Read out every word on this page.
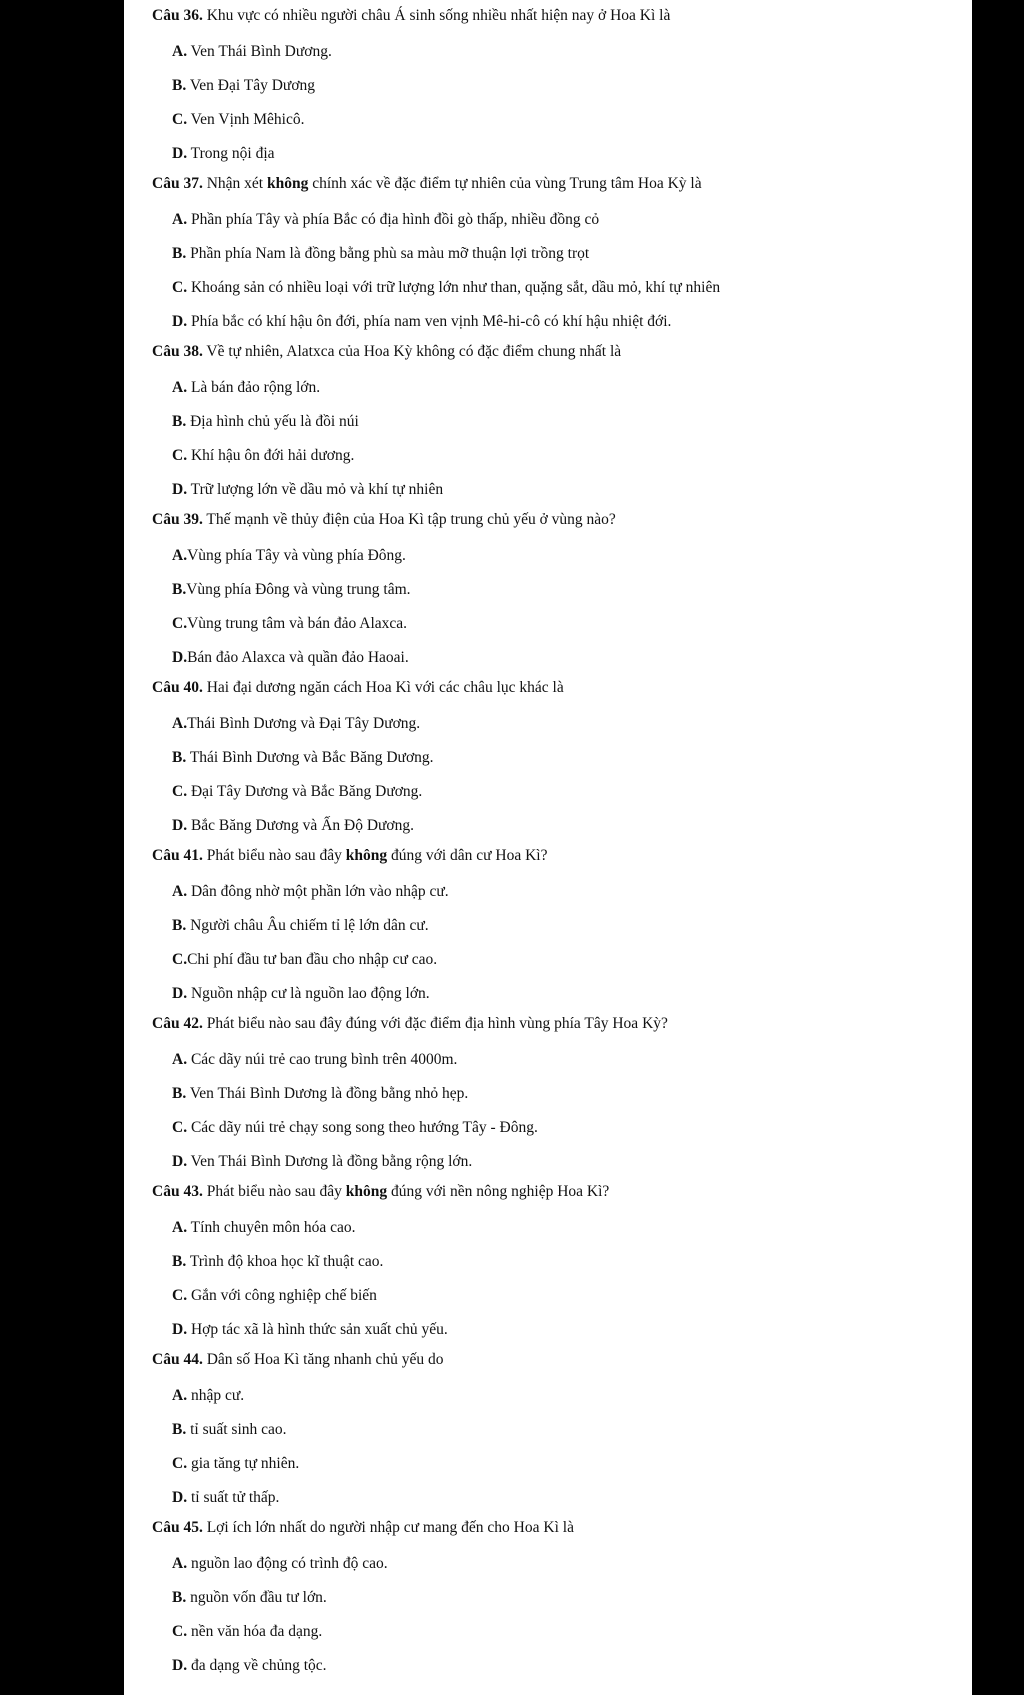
Câu 36. Khu vực có nhiều người châu Á sinh sống nhiều nhất hiện nay ở Hoa Kì là
A. Ven Thái Bình Dương.
B. Ven Đại Tây Dương
C. Ven Vịnh Mêhicô.
D. Trong nội địa
Câu 37. Nhận xét không chính xác về đặc điểm tự nhiên của vùng Trung tâm Hoa Kỳ là
A. Phần phía Tây và phía Bắc có địa hình đồi gò thấp, nhiều đồng cỏ
B. Phần phía Nam là đồng bằng phù sa màu mỡ thuận lợi trồng trọt
C. Khoáng sản có nhiều loại với trữ lượng lớn như than, quặng sắt, dầu mỏ, khí tự nhiên
D. Phía bắc có khí hậu ôn đới, phía nam ven vịnh Mê-hi-cô có khí hậu nhiệt đới.
Câu 38. Về tự nhiên, Alatxca của Hoa Kỳ không có đặc điểm chung nhất là
A. Là bán đảo rộng lớn.
B. Địa hình chủ yếu là đồi núi
C. Khí hậu ôn đới hải dương.
D. Trữ lượng lớn về dầu mỏ và khí tự nhiên
Câu 39. Thế mạnh về thủy điện của Hoa Kì tập trung chủ yếu ở vùng nào?
A.Vùng phía Tây và vùng phía Đông.
B.Vùng phía Đông và vùng trung tâm.
C.Vùng trung tâm và bán đảo Alaxca.
D.Bán đảo Alaxca và quần đảo Haoai.
Câu 40. Hai đại dương ngăn cách Hoa Kì với các châu lục khác là
A.Thái Bình Dương và Đại Tây Dương.
B. Thái Bình Dương và Bắc Băng Dương.
C. Đại Tây Dương và Bắc Băng Dương.
D. Bắc Băng Dương và Ấn Độ Dương.
Câu 41. Phát biểu nào sau đây không đúng với dân cư Hoa Kì?
A. Dân đông nhờ một phần lớn vào nhập cư.
B. Người châu Âu chiếm tỉ lệ lớn dân cư.
C.Chi phí đầu tư ban đầu cho nhập cư cao.
D. Nguồn nhập cư là nguồn lao động lớn.
Câu 42. Phát biểu nào sau đây đúng với đặc điểm địa hình vùng phía Tây Hoa Kỳ?
A. Các dãy núi trẻ cao trung bình trên 4000m.
B. Ven Thái Bình Dương là đồng bằng nhỏ hẹp.
C. Các dãy núi trẻ chạy song song theo hướng Tây - Đông.
D. Ven Thái Bình Dương là đồng bằng rộng lớn.
Câu 43. Phát biểu nào sau đây không đúng với nền nông nghiệp Hoa Kì?
A. Tính chuyên môn hóa cao.
B. Trình độ khoa học kĩ thuật cao.
C. Gắn với công nghiệp chế biến
D. Hợp tác xã là hình thức sản xuất chủ yếu.
Câu 44. Dân số Hoa Kì tăng nhanh chủ yếu do
A. nhập cư.
B. tỉ suất sinh cao.
C. gia tăng tự nhiên.
D. tỉ suất tử thấp.
Câu 45. Lợi ích lớn nhất do người nhập cư mang đến cho Hoa Kì là
A. nguồn lao động có trình độ cao.
B. nguồn vốn đầu tư lớn.
C. nền văn hóa đa dạng.
D. đa dạng về chủng tộc.
